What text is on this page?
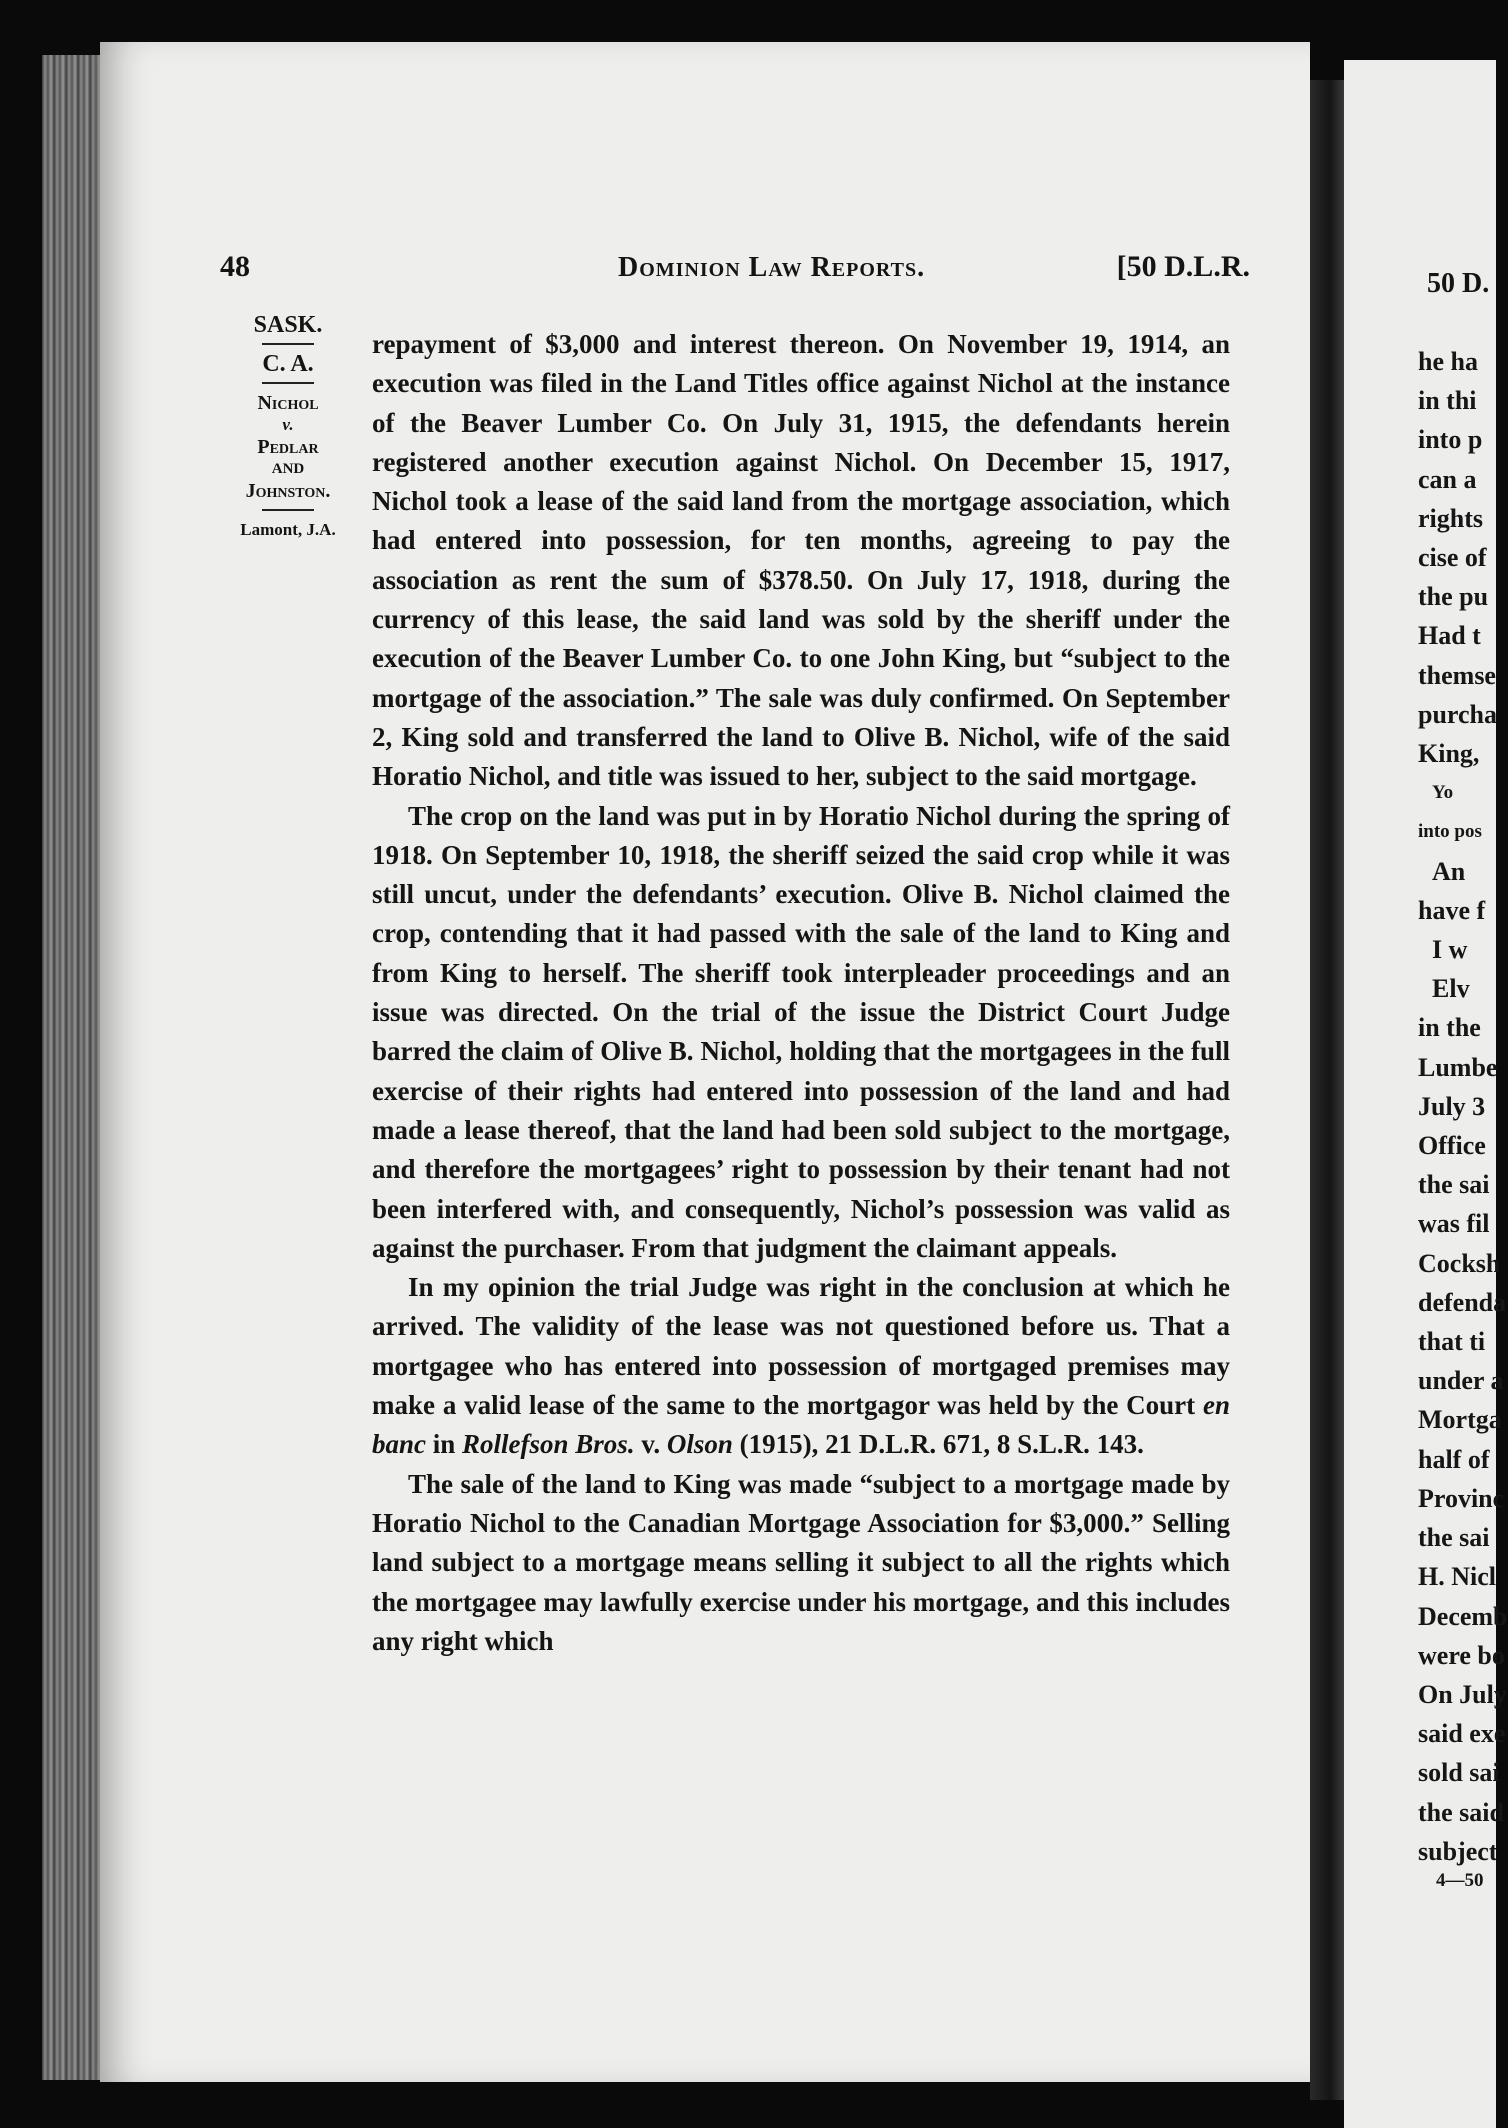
48	Dominion Law Reports.	[50 D.L.R.
SASK.
C. A.
Nichol
v.
Pedlar
AND
Johnston.
Lamont, J.A.

repayment of $3,000 and interest thereon. On November 19, 1914, an execution was filed in the Land Titles office against Nichol at the instance of the Beaver Lumber Co. On July 31, 1915, the defendants herein registered another execution against Nichol. On December 15, 1917, Nichol took a lease of the said land from the mortgage association, which had entered into possession, for ten months, agreeing to pay the association as rent the sum of $378.50. On July 17, 1918, during the currency of this lease, the said land was sold by the sheriff under the execution of the Beaver Lumber Co. to one John King, but “subject to the mortgage of the association.” The sale was duly confirmed. On September 2, King sold and transferred the land to Olive B. Nichol, wife of the said Horatio Nichol, and title was issued to her, subject to the said mortgage.

The crop on the land was put in by Horatio Nichol during the spring of 1918. On September 10, 1918, the sheriff seized the said crop while it was still uncut, under the defendants’ execution. Olive B. Nichol claimed the crop, contending that it had passed with the sale of the land to King and from King to herself. The sheriff took interpleader proceedings and an issue was directed. On the trial of the issue the District Court Judge barred the claim of Olive B. Nichol, holding that the mortgagees in the full exercise of their rights had entered into possession of the land and had made a lease thereof, that the land had been sold subject to the mortgage, and therefore the mortgagees’ right to possession by their tenant had not been interfered with, and consequently, Nichol’s possession was valid as against the purchaser. From that judgment the claimant appeals.

In my opinion the trial Judge was right in the conclusion at which he arrived. The validity of the lease was not questioned before us. That a mortgagee who has entered into possession of mortgaged premises may make a valid lease of the same to the mortgagor was held by the Court en banc in Rollefson Bros. v. Olson (1915), 21 D.L.R. 671, 8 S.L.R. 143.

The sale of the land to King was made “subject to a mortgage made by Horatio Nichol to the Canadian Mortgage Association for $3,000.” Selling land subject to a mortgage means selling it subject to all the rights which the mortgagee may lawfully exercise under his mortgage, and this includes any right which

50 D.
he ha
in thi
into p
can a
rights
cise of
the pu
Had t
themse
purcha
King,
Yo
into pos
An
have f
I w
Elv
in the
Lumbe
July 3
Office
the sai
was fil
Cocksh
defenda
that ti
under a
Mortga
half of
Provinc
the sai
H. Nicl
Decemb
were bo
On July
said exe
sold sai
the said
subject
4—50
